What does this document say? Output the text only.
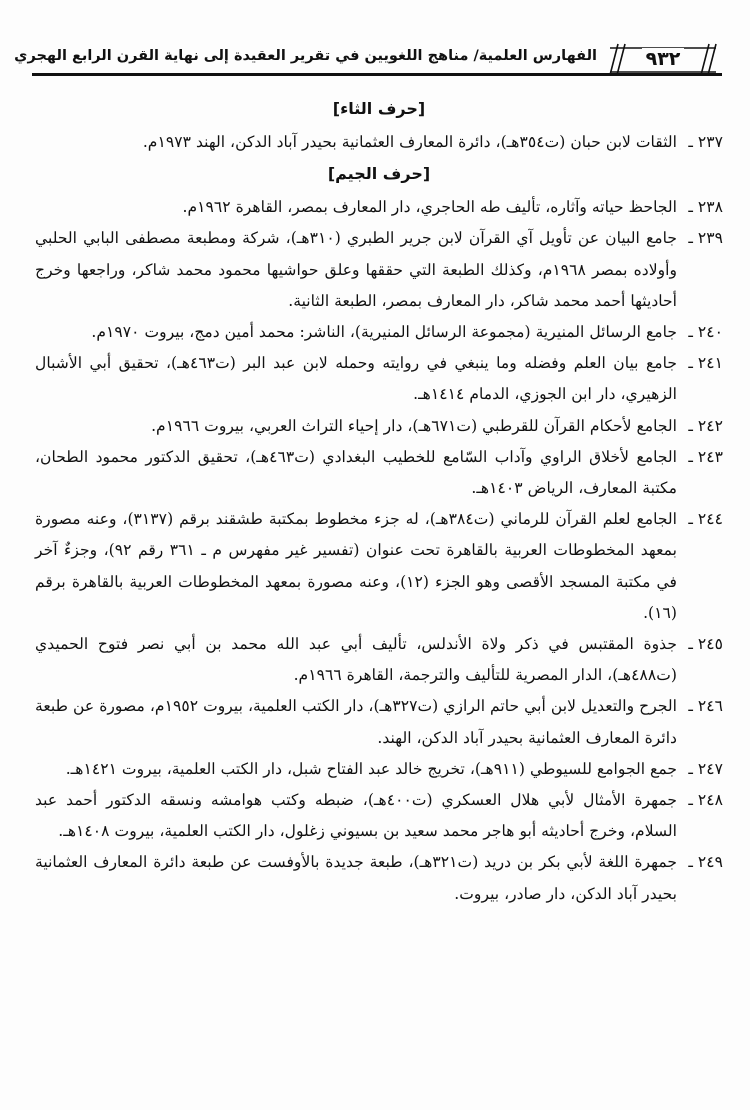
الفهارس العلمية/ مناهج اللغويين في تقرير العقيدة إلى نهاية القرن الرابع الهجري	٩٣٢
[حرف الثاء]
٢٣٧ ـ
الثقات لابن حبان (ت٣٥٤هـ)، دائرة المعارف العثمانية بحيدر آباد الدكن، الهند ١٩٧٣م.
[حرف الجيم]
٢٣٨ ـ
الجاحظ حياته وآثاره، تأليف طه الحاجري، دار المعارف بمصر، القاهرة ١٩٦٢م.
٢٣٩ ـ
جامع البيان عن تأويل آي القرآن لابن جرير الطبري (٣١٠هـ)، شركة ومطبعة مصطفى البابي الحلبي وأولاده بمصر ١٩٦٨م، وكذلك الطبعة التي حققها وعلق حواشيها محمود محمد شاكر، وراجعها وخرج أحاديثها أحمد محمد شاكر، دار المعارف بمصر، الطبعة الثانية.
٢٤٠ ـ
جامع الرسائل المنيرية (مجموعة الرسائل المنيرية)، الناشر: محمد أمين دمج، بيروت ١٩٧٠م.
٢٤١ ـ
جامع بيان العلم وفضله وما ينبغي في روايته وحمله لابن عبد البر (ت٤٦٣هـ)، تحقيق أبي الأشبال الزهيري، دار ابن الجوزي، الدمام ١٤١٤هـ.
٢٤٢ ـ
الجامع لأحكام القرآن للقرطبي (ت٦٧١هـ)، دار إحياء التراث العربي، بيروت ١٩٦٦م.
٢٤٣ ـ
الجامع لأخلاق الراوي وآداب السّامع للخطيب البغدادي (ت٤٦٣هـ)، تحقيق الدكتور محمود الطحان، مكتبة المعارف، الرياض ١٤٠٣هـ.
٢٤٤ ـ
الجامع لعلم القرآن للرماني (ت٣٨٤هـ)، له جزء مخطوط بمكتبة طشقند برقم (٣١٣٧)، وعنه مصورة بمعهد المخطوطات العربية بالقاهرة تحت عنوان (تفسير غير مفهرس م ـ ٣٦١ رقم ٩٢)، وجزءٌ آخر في مكتبة المسجد الأقصى وهو الجزء (١٢)، وعنه مصورة بمعهد المخطوطات العربية بالقاهرة برقم (١٦).
٢٤٥ ـ
جذوة المقتبس في ذكر ولاة الأندلس، تأليف أبي عبد الله محمد بن أبي نصر فتوح الحميدي (ت٤٨٨هـ)، الدار المصرية للتأليف والترجمة، القاهرة ١٩٦٦م.
٢٤٦ ـ
الجرح والتعديل لابن أبي حاتم الرازي (ت٣٢٧هـ)، دار الكتب العلمية، بيروت ١٩٥٢م، مصورة عن طبعة دائرة المعارف العثمانية بحيدر آباد الدكن، الهند.
٢٤٧ ـ
جمع الجوامع للسيوطي (٩١١هـ)، تخريج خالد عبد الفتاح شبل، دار الكتب العلمية، بيروت ١٤٢١هـ.
٢٤٨ ـ
جمهرة الأمثال لأبي هلال العسكري (ت٤٠٠هـ)، ضبطه وكتب هوامشه ونسقه الدكتور أحمد عبد السلام، وخرج أحاديثه أبو هاجر محمد سعيد بن بسيوني زغلول، دار الكتب العلمية، بيروت ١٤٠٨هـ.
٢٤٩ ـ
جمهرة اللغة لأبي بكر بن دريد (ت٣٢١هـ)، طبعة جديدة بالأوفست عن طبعة دائرة المعارف العثمانية بحيدر آباد الدكن، دار صادر، بيروت.
